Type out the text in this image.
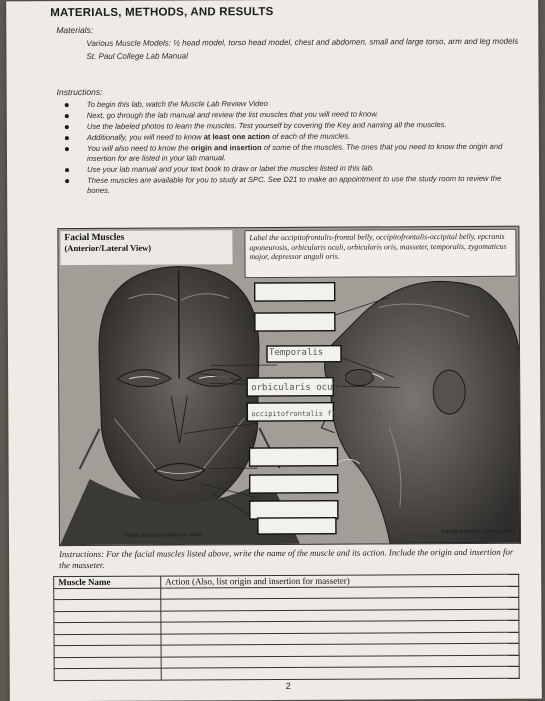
MATERIALS, METHODS, AND RESULTS
Materials:
Various Muscle Models: ½ head model, torso head model, chest and abdomen, small and large torso, arm and leg models
St. Paul College Lab Manual
Instructions:
To begin this lab, watch the Muscle Lab Review Video
Next, go through the lab manual and review the list muscles that you will need to know.
Use the labeled photos to learn the muscles. Test yourself by covering the Key and naming all the muscles.
Additionally, you will need to know at least one action of each of the muscles.
You will also need to know the origin and insertion of some of the muscles. The ones that you need to know the origin and insertion for are listed in your lab manual.
Use your lab manual and your text book to draw or label the muscles listed in this lab.
These muscles are available for you to study at SPC. See D21 to make an appointment to use the study room to review the bones.
Temporalis
orbicularis oculi
occipitofrontalis frontal belly
Facial Muscles
(Anterior/Lateral View)
Label the occipitofrontalis-frontal belly, occipitofrontalis-occipital belly, epcranis aponeurosis, orbicularis oculi, orbicularis oris, masseter, temporalis, zygomaticus major, depressor anguli oris.
Facial muscles (anterior view)
Facial muscles (lateral view)
Instructions: For the facial muscles listed above, write the name of the muscle and its action. Include the origin and insertion for the masseter.
Muscle Name	Action (Also, list origin and insertion for masseter)

2
